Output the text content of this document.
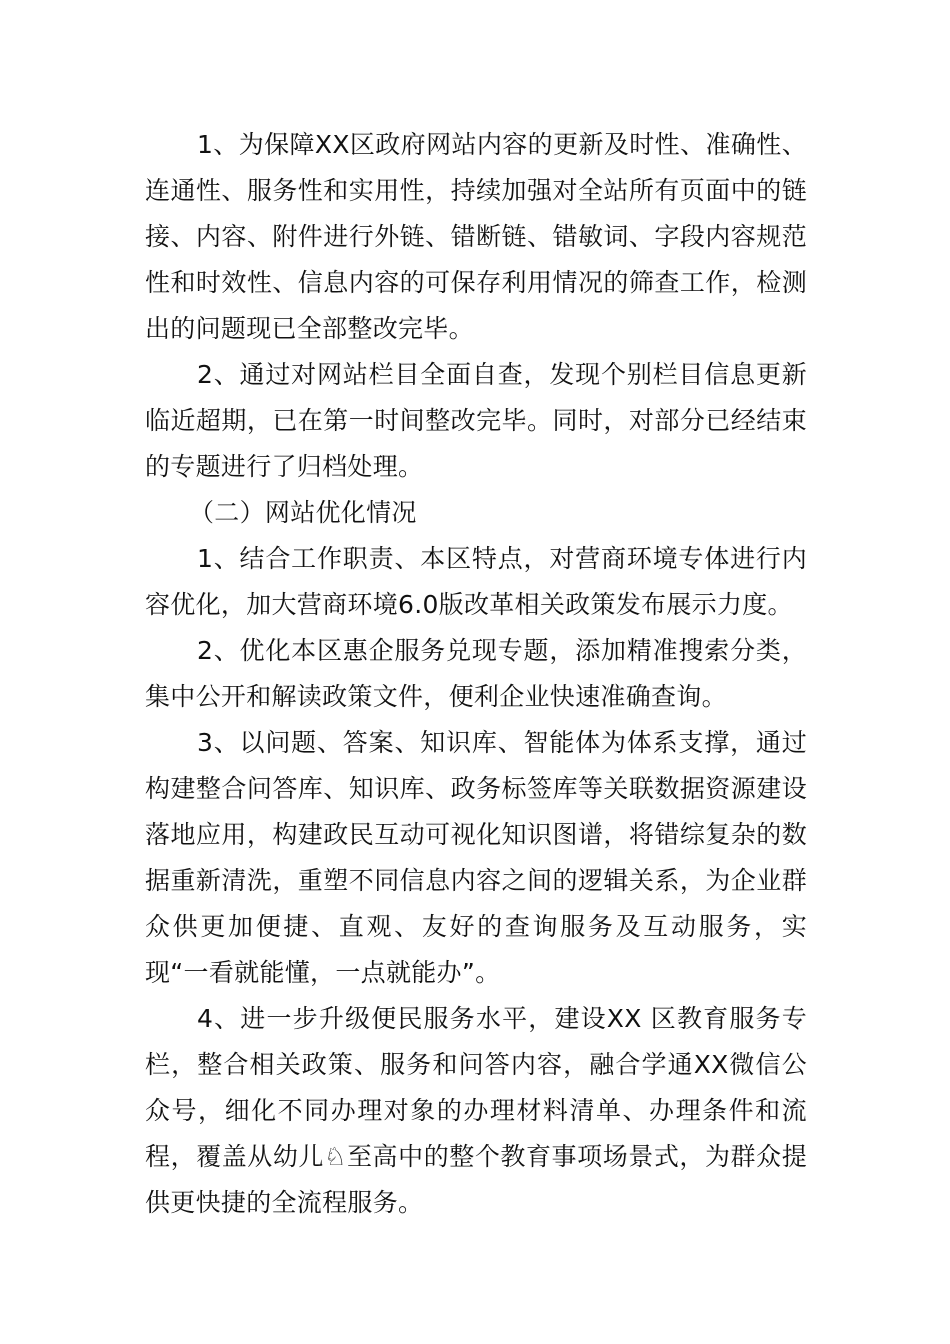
1、为保障XX区政府网站内容的更新及时性、准确性、连通性、服务性和实用性，持续加强对全站所有页面中的链接、内容、附件进行外链、错断链、错敏词、字段内容规范性和时效性、信息内容的可保存利用情况的筛查工作，检测出的问题现已全部整改完毕。

2、通过对网站栏目全面自查，发现个别栏目信息更新临近超期，已在第一时间整改完毕。同时，对部分已经结束的专题进行了归档处理。

（二）网站优化情况

1、结合工作职责、本区特点，对营商环境专体进行内容优化，加大营商环境6.0版改革相关政策发布展示力度。

2、优化本区惠企服务兑现专题，添加精准搜索分类，集中公开和解读政策文件，便利企业快速准确查询。

3、以问题、答案、知识库、智能体为体系支撑，通过构建整合问答库、知识库、政务标签库等关联数据资源建设落地应用，构建政民互动可视化知识图谱，将错综复杂的数据重新清洗，重塑不同信息内容之间的逻辑关系，为企业群众供更加便捷、直观、友好的查询服务及互动服务，实现“一看就能懂，一点就能办”。

4、进一步升级便民服务水平，建设XX 区教育服务专栏，整合相关政策、服务和问答内容，融合学通XX微信公众号，细化不同办理对象的办理材料清单、办理条件和流程，覆盖从幼儿♘至高中的整个教育事项场景式，为群众提供更快捷的全流程服务。
